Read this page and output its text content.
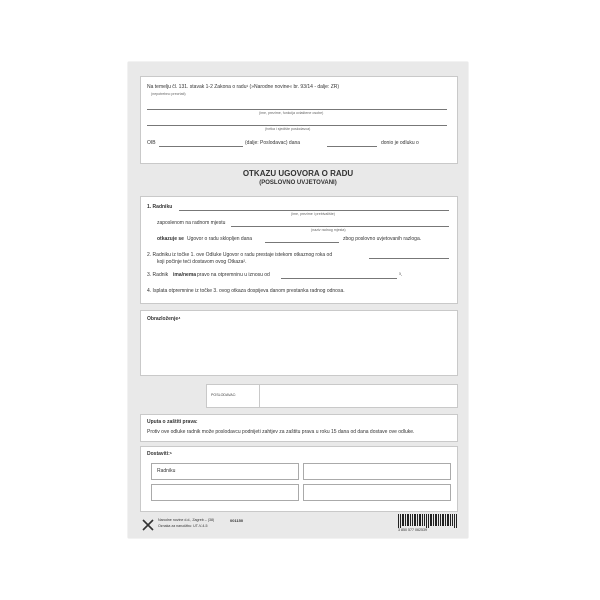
Na temelju čl. 131. stavak 1-2 Zakona o radu¹ (»Narodne novine« br. 93/14 - dalje: ZR)
(nepotrebno precrtati)
(ime, prezime, funkcija ovlaštene osobe)
(tvrtka i sjedište poslodavca)
OIB	(dalje: Poslodavac) dana	donio je odluku o
OTKAZU UGOVORA O RADU
(POSLOVNO UVJETOVANI)
1. Radniku
(ime, prezime i prebivalište)
zaposlenom na radnom mjestu
(naziv radnog mjesta)
otkazuje se Ugovor o radu sklopljen dana	zbog poslovno uvjetovanih razloga.
2. Radniku iz točke 1. ove Odluke Ugovor o radu prestaje istekom otkaznog roka od
koji počinje teći dostavom ovog Otkaza².
3. Radnik ima/nema pravo na otpremninu u iznosu od	³.
4. Isplata otpremnine iz točke 3. ovog otkaza dospijeva danom prestanka radnog odnosa.
Obrazloženje⁴
POSLODAVAC:
Uputa o zaštiti prava:
Protiv ove odluke radnik može poslodavcu podnijeti zahtjev za zaštitu prava u roku 15 dana od dana dostave ove odluke.
Dostaviti:⁵
Radniku
Narodne novine d.d., Zagreb – (38)
Oznaka za narudžbu: UT-V-4-5
001150
3 850 577 062539
